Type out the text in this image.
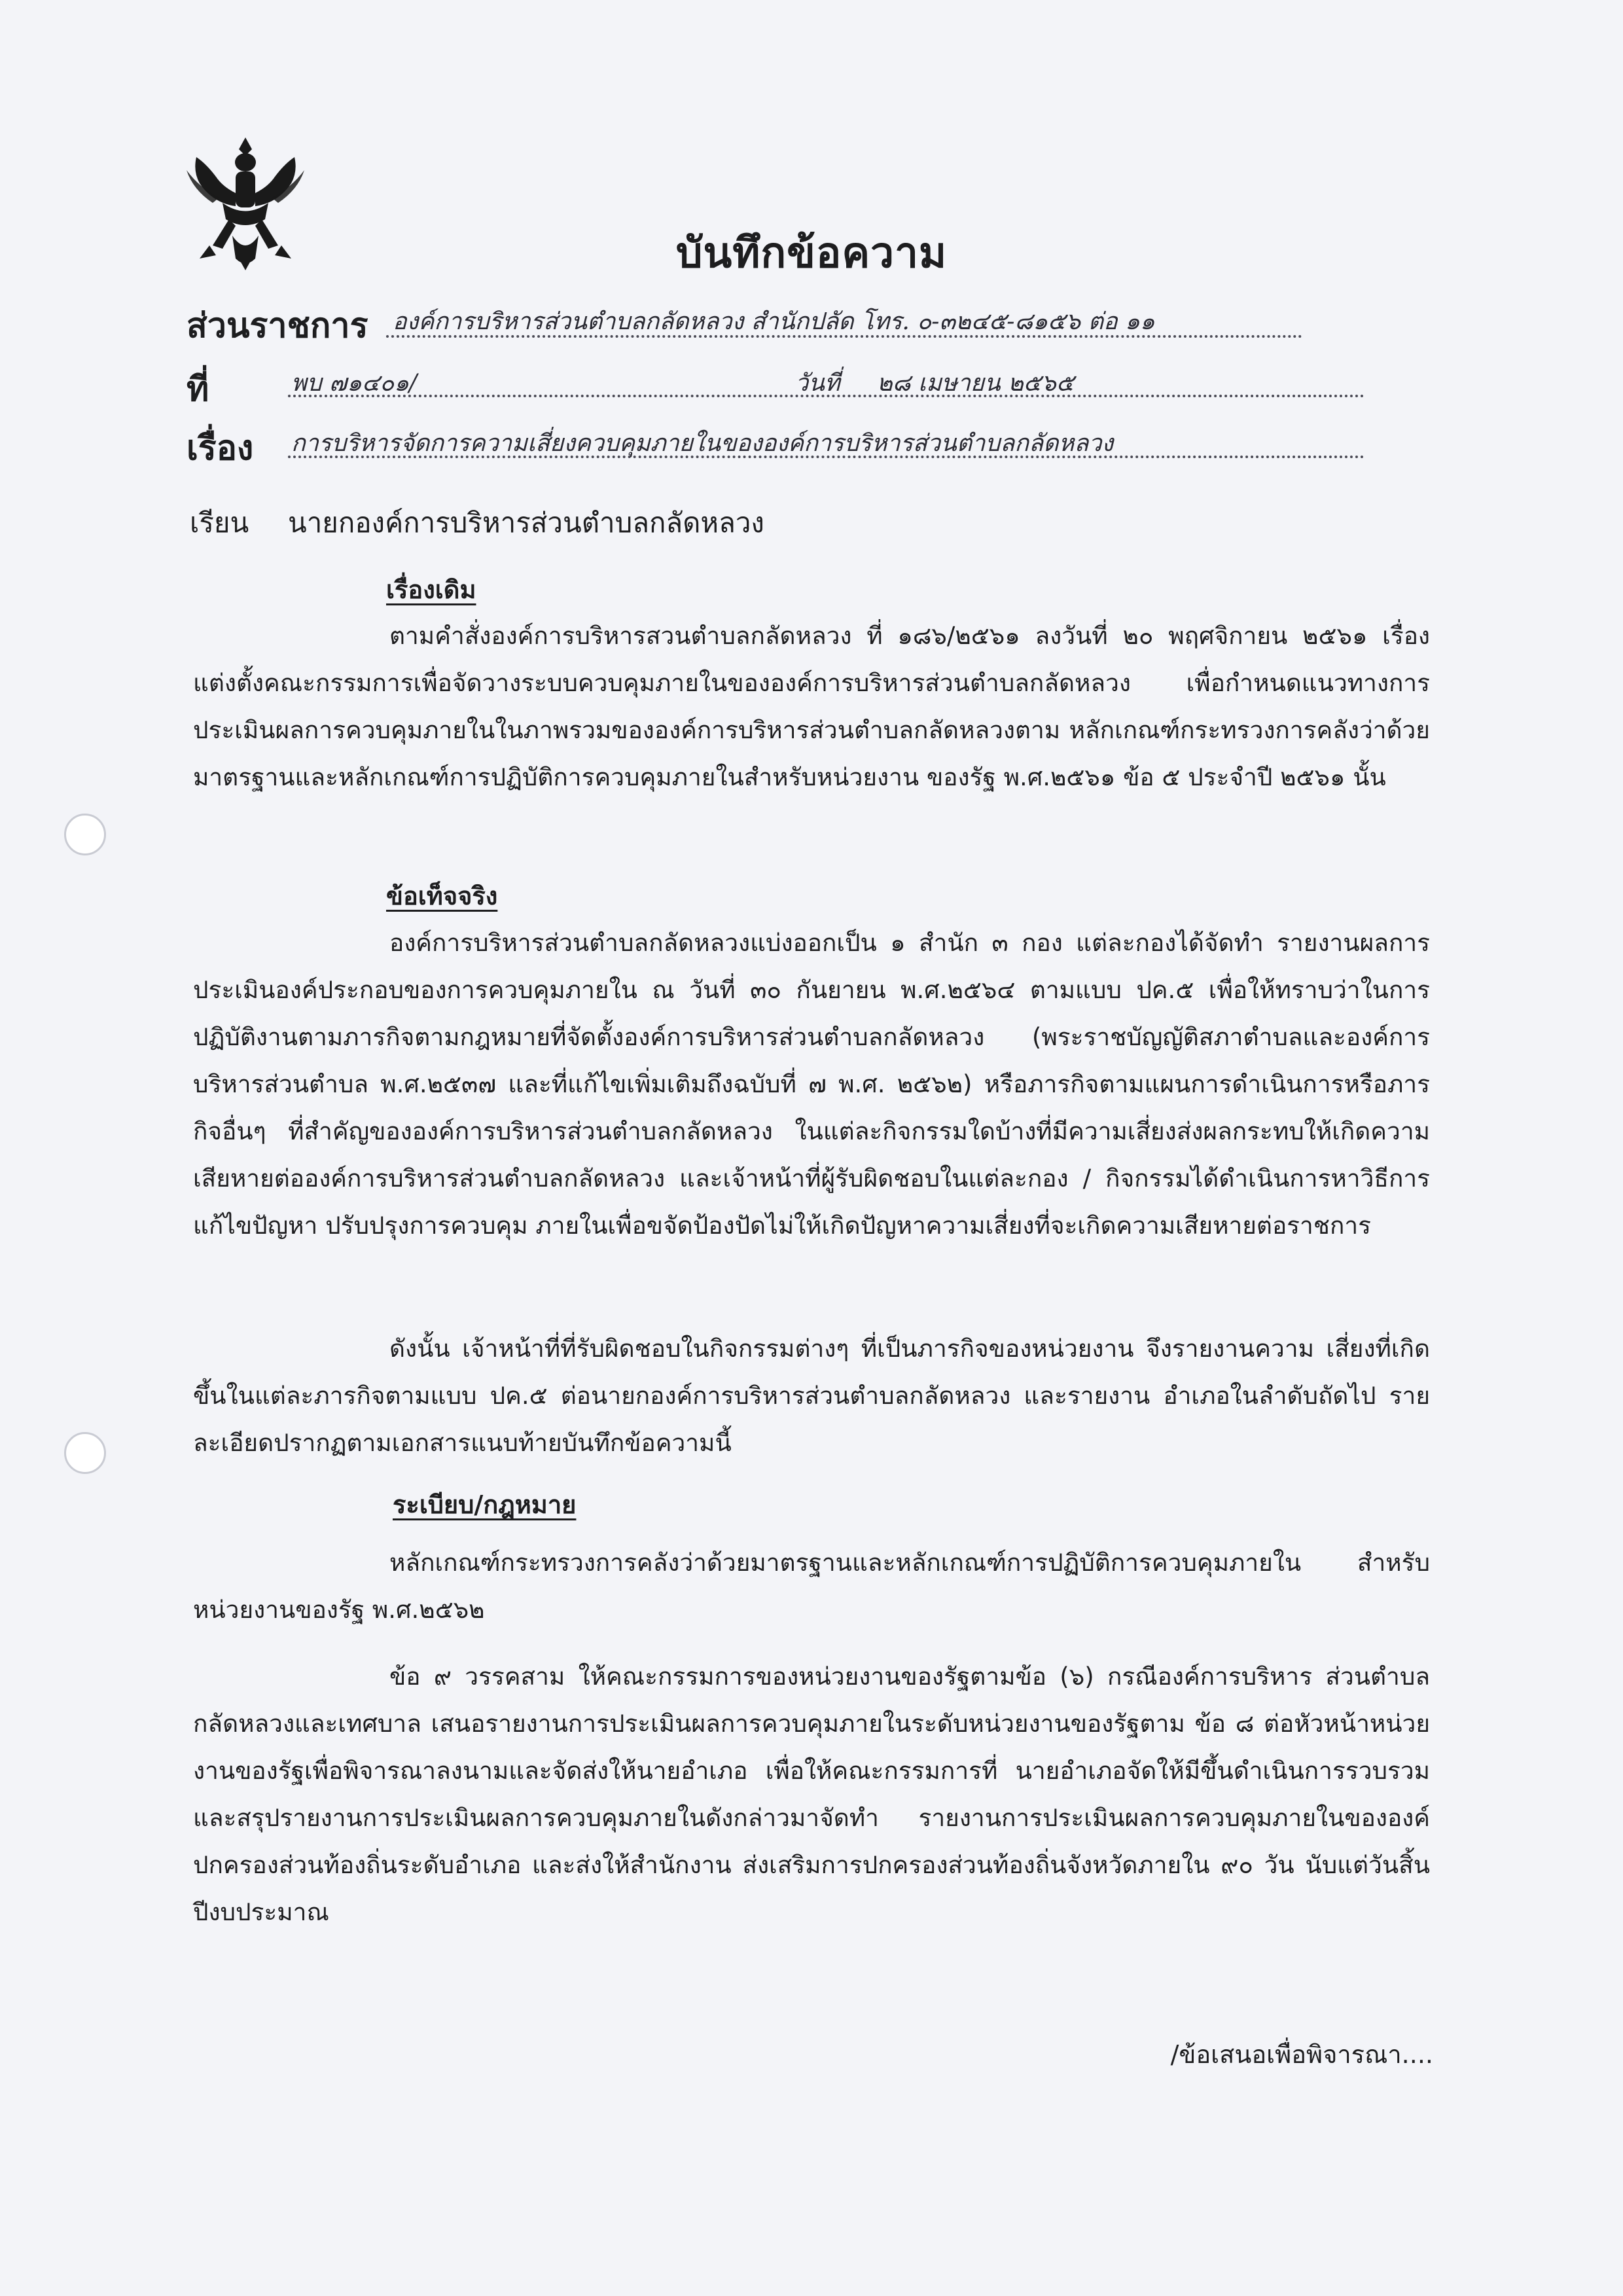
บันทึกข้อความ
ส่วนราชการ องค์การบริหารส่วนตำบลกลัดหลวง สำนักปลัด โทร. ๐-๓๒๔๕-๘๑๕๖ ต่อ ๑๑
ที่	พบ ๗๑๔๐๑/	วันที่ ๒๘ เมษายน ๒๕๖๕
เรื่อง การบริหารจัดการความเสี่ยงควบคุมภายในขององค์การบริหารส่วนตำบลกลัดหลวง
เรียน นายกองค์การบริหารส่วนตำบลกลัดหลวง
เรื่องเดิม
ตามคำสั่งองค์การบริหารสวนตำบลกลัดหลวง ที่ ๑๘๖/๒๕๖๑ ลงวันที่ ๒๐ พฤศจิกายน ๒๕๖๑ เรื่อง แต่งตั้งคณะกรรมการเพื่อจัดวางระบบควบคุมภายในขององค์การบริหารส่วนตำบลกลัดหลวง เพื่อกำหนดแนวทางการประเมินผลการควบคุมภายในในภาพรวมขององค์การบริหารส่วนตำบลกลัดหลวงตาม หลักเกณฑ์กระทรวงการคลังว่าด้วยมาตรฐานและหลักเกณฑ์การปฏิบัติการควบคุมภายในสำหรับหน่วยงาน ของรัฐ พ.ศ.๒๕๖๑ ข้อ ๕ ประจำปี ๒๕๖๑ นั้น
ข้อเท็จจริง
องค์การบริหารส่วนตำบลกลัดหลวงแบ่งออกเป็น ๑ สำนัก ๓ กอง แต่ละกองได้จัดทำ รายงานผลการประเมินองค์ประกอบของการควบคุมภายใน ณ วันที่ ๓๐ กันยายน พ.ศ.๒๕๖๔ ตามแบบ ปค.๕ เพื่อให้ทราบว่าในการปฏิบัติงานตามภารกิจตามกฎหมายที่จัดตั้งองค์การบริหารส่วนตำบลกลัดหลวง (พระราชบัญญัติสภาตำบลและองค์การบริหารส่วนตำบล พ.ศ.๒๕๓๗ และที่แก้ไขเพิ่มเติมถึงฉบับที่ ๗ พ.ศ. ๒๕๖๒) หรือภารกิจตามแผนการดำเนินการหรือภารกิจอื่นๆ ที่สำคัญขององค์การบริหารส่วนตำบลกลัดหลวง ในแต่ละกิจกรรมใดบ้างที่มีความเสี่ยงส่งผลกระทบให้เกิดความเสียหายต่อองค์การบริหารส่วนตำบลกลัดหลวง และเจ้าหน้าที่ผู้รับผิดชอบในแต่ละกอง / กิจกรรมได้ดำเนินการหาวิธีการแก้ไขปัญหา ปรับปรุงการควบคุม ภายในเพื่อขจัดป้องปัดไม่ให้เกิดปัญหาความเสี่ยงที่จะเกิดความเสียหายต่อราชการ
ดังนั้น เจ้าหน้าที่ที่รับผิดชอบในกิจกรรมต่างๆ ที่เป็นภารกิจของหน่วยงาน จึงรายงานความ เสี่ยงที่เกิดขึ้นในแต่ละภารกิจตามแบบ ปค.๕ ต่อนายกองค์การบริหารส่วนตำบลกลัดหลวง และรายงาน อำเภอในลำดับถัดไป รายละเอียดปรากฏตามเอกสารแนบท้ายบันทึกข้อความนี้
ระเบียบ/กฎหมาย
หลักเกณฑ์กระทรวงการคลังว่าด้วยมาตรฐานและหลักเกณฑ์การปฏิบัติการควบคุมภายใน สำหรับหน่วยงานของรัฐ พ.ศ.๒๕๖๒
ข้อ ๙ วรรคสาม ให้คณะกรรมการของหน่วยงานของรัฐตามข้อ (๖) กรณีองค์การบริหาร ส่วนตำบลกลัดหลวงและเทศบาล เสนอรายงานการประเมินผลการควบคุมภายในระดับหน่วยงานของรัฐตาม ข้อ ๘ ต่อหัวหน้าหน่วยงานของรัฐเพื่อพิจารณาลงนามและจัดส่งให้นายอำเภอ เพื่อให้คณะกรรมการที่ นายอำเภอจัดให้มีขึ้นดำเนินการรวบรวมและสรุปรายงานการประเมินผลการควบคุมภายในดังกล่าวมาจัดทำ รายงานการประเมินผลการควบคุมภายในขององค์ปกครองส่วนท้องถิ่นระดับอำเภอ และส่งให้สำนักงาน ส่งเสริมการปกครองส่วนท้องถิ่นจังหวัดภายใน ๙๐ วัน นับแต่วันสิ้นปีงบประมาณ
/ข้อเสนอเพื่อพิจารณา....
